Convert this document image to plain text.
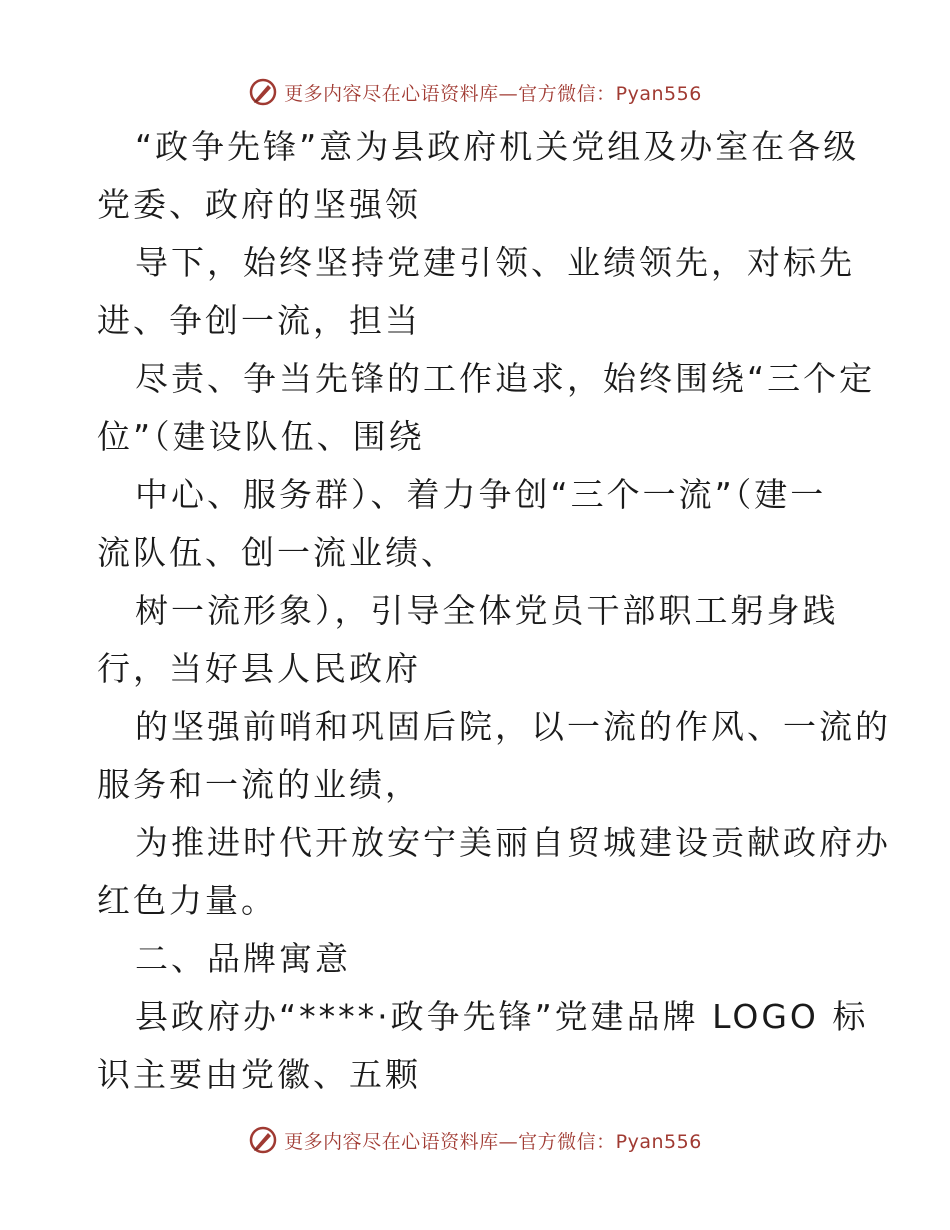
更多内容尽在心语资料库—官方微信：Pyan556
“政争先锋”意为县政府机关党组及办室在各级
党委、政府的坚强领
导下，始终坚持党建引领、业绩领先，对标先
进、争创一流，担当
尽责、争当先锋的工作追求，始终围绕“三个定
位”（建设队伍、围绕
中心、服务群）、着力争创“三个一流”（建一
流队伍、创一流业绩、
树一流形象），引导全体党员干部职工躬身践
行，当好县人民政府
的坚强前哨和巩固后院，以一流的作风、一流的
服务和一流的业绩，
为推进时代开放安宁美丽自贸城建设贡献政府办
红色力量。
二、品牌寓意
县政府办“****·政争先锋”党建品牌 LOGO 标
识主要由党徽、五颗
更多内容尽在心语资料库—官方微信：Pyan556
